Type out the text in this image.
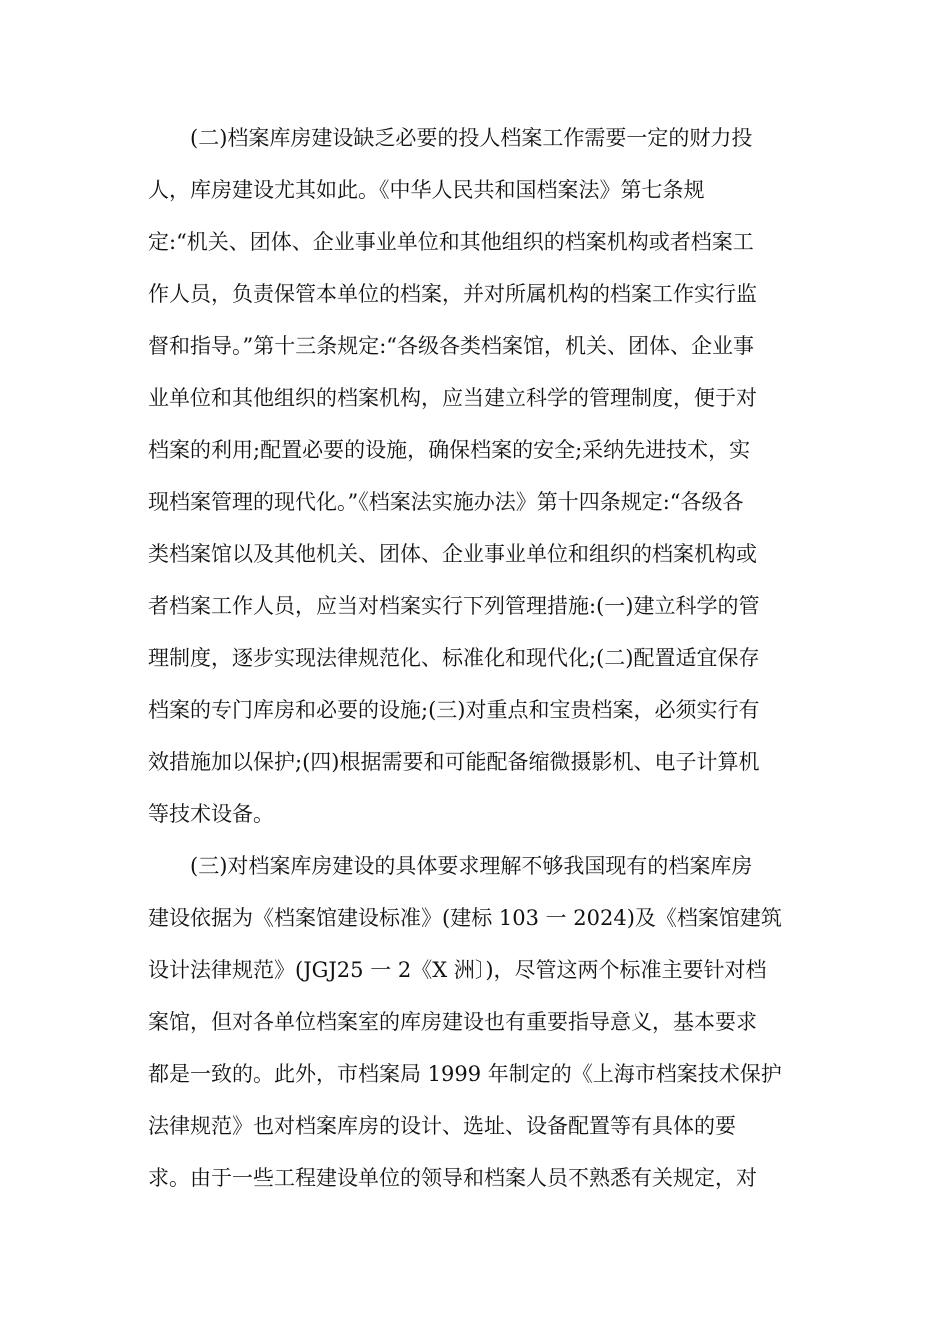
(二)档案库房建设缺乏必要的投人档案工作需要一定的财力投
人，库房建设尤其如此。《中华人民共和国档案法》第七条规
定:“机关、团体、企业事业单位和其他组织的档案机构或者档案工
作人员，负责保管本单位的档案，并对所属机构的档案工作实行监
督和指导。”第十三条规定:“各级各类档案馆，机关、团体、企业事
业单位和其他组织的档案机构，应当建立科学的管理制度，便于对
档案的利用;配置必要的设施，确保档案的安全;采纳先进技术，实
现档案管理的现代化。”《档案法实施办法》第十四条规定:“各级各
类档案馆以及其他机关、团体、企业事业单位和组织的档案机构或
者档案工作人员，应当对档案实行下列管理措施:(一)建立科学的管
理制度，逐步实现法律规范化、标准化和现代化;(二)配置适宜保存
档案的专门库房和必要的设施;(三)对重点和宝贵档案，必须实行有
效措施加以保护;(四)根据需要和可能配备缩微摄影机、电子计算机
等技术设备。
(三)对档案库房建设的具体要求理解不够我国现有的档案库房
建设依据为《档案馆建设标准》(建标 103 一 2024)及《档案馆建筑
设计法律规范》(JGJ25 一 2《X 洲〕)，尽管这两个标准主要针对档
案馆，但对各单位档案室的库房建设也有重要指导意义，基本要求
都是一致的。此外，市档案局 1999 年制定的《上海市档案技术保护
法律规范》也对档案库房的设计、选址、设备配置等有具体的要
求。由于一些工程建设单位的领导和档案人员不熟悉有关规定，对
